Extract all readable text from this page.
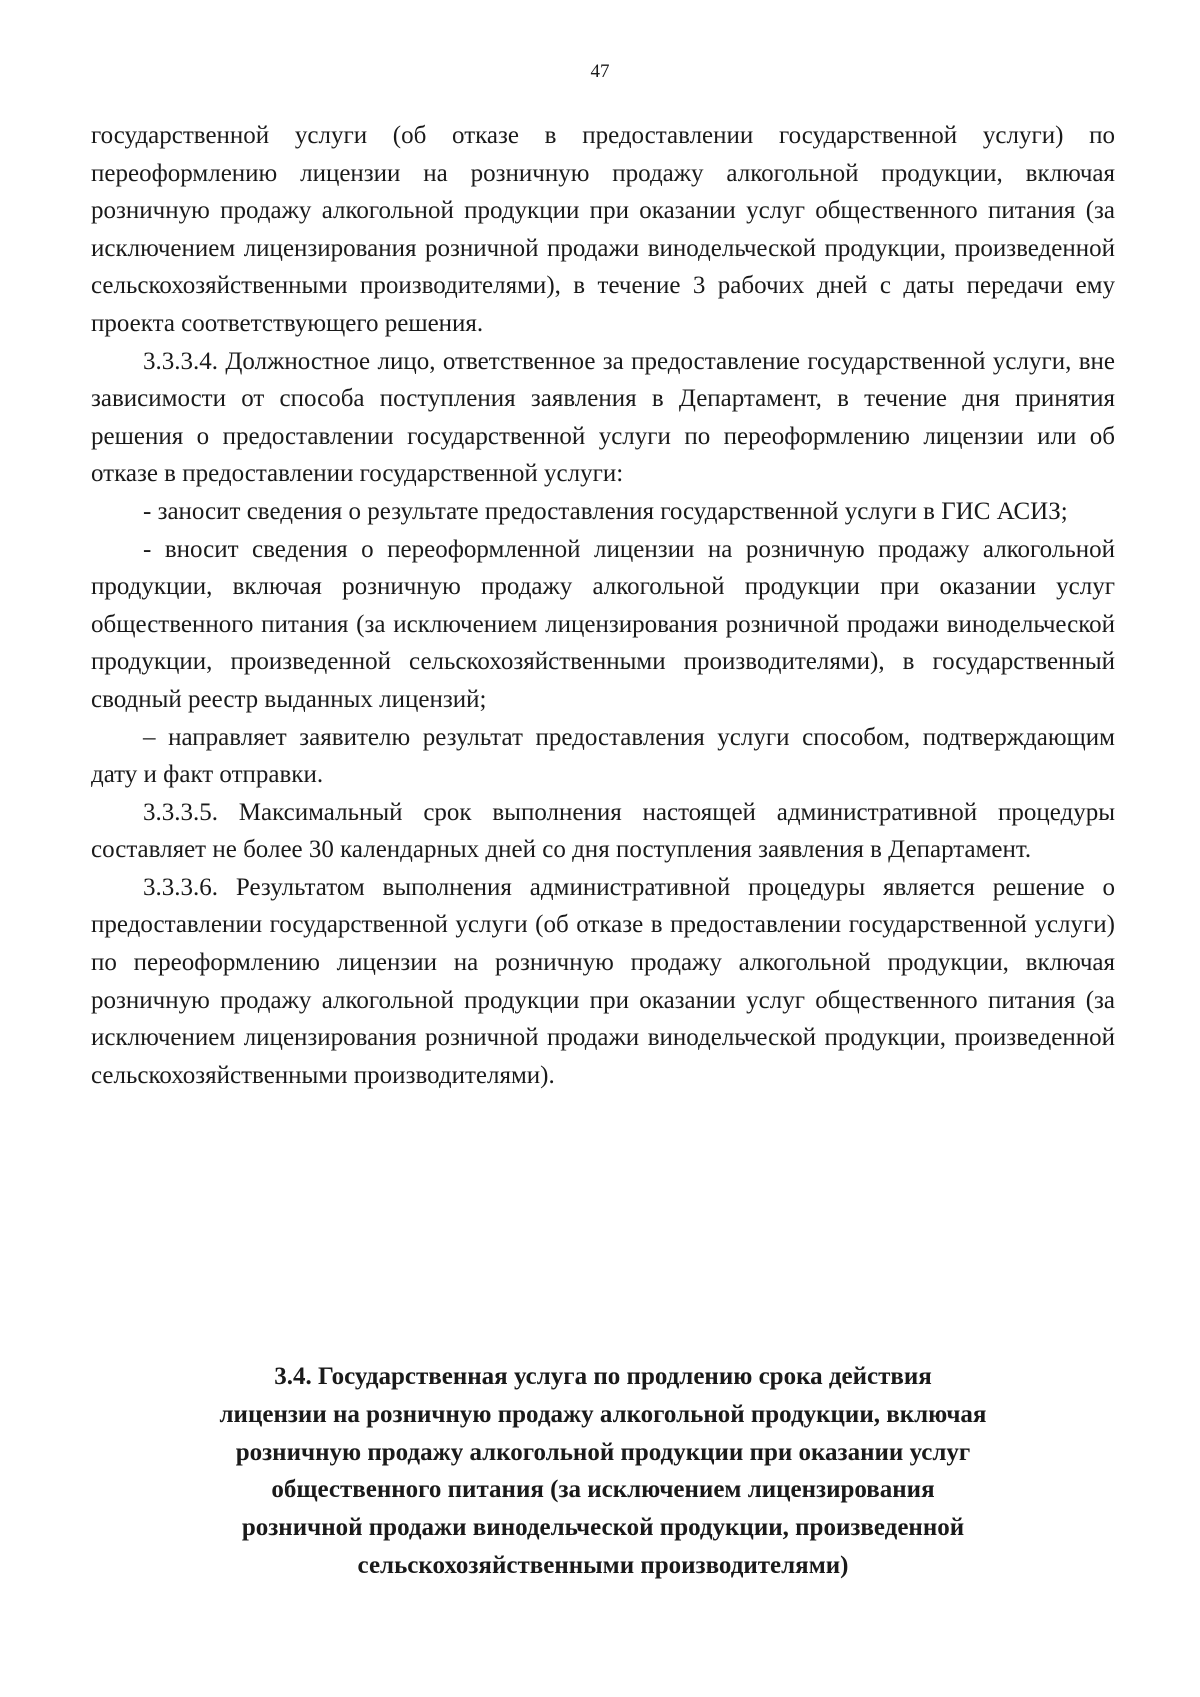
47

государственной услуги (об отказе в предоставлении государственной услуги) по переоформлению лицензии на розничную продажу алкогольной продукции, включая розничную продажу алкогольной продукции при оказании услуг общественного питания (за исключением лицензирования розничной продажи винодельческой продукции, произведенной сельскохозяйственными производителями), в течение 3 рабочих дней с даты передачи ему проекта соответствующего решения.

3.3.3.4. Должностное лицо, ответственное за предоставление государственной услуги, вне зависимости от способа поступления заявления в Департамент, в течение дня принятия решения о предоставлении государственной услуги по переоформлению лицензии или об отказе в предоставлении государственной услуги:

- заносит сведения о результате предоставления государственной услуги в ГИС АСИЗ;

- вносит сведения о переоформленной лицензии на розничную продажу алкогольной продукции, включая розничную продажу алкогольной продукции при оказании услуг общественного питания (за исключением лицензирования розничной продажи винодельческой продукции, произведенной сельскохозяйственными производителями), в государственный сводный реестр выданных лицензий;

– направляет заявителю результат предоставления услуги способом, подтверждающим дату и факт отправки.

3.3.3.5. Максимальный срок выполнения настоящей административной процедуры составляет не более 30 календарных дней со дня поступления заявления в Департамент.

3.3.3.6. Результатом выполнения административной процедуры является решение о предоставлении государственной услуги (об отказе в предоставлении государственной услуги) по переоформлению лицензии на розничную продажу алкогольной продукции, включая розничную продажу алкогольной продукции при оказании услуг общественного питания (за исключением лицензирования розничной продажи винодельческой продукции, произведенной сельскохозяйственными производителями).

3.4. Государственная услуга по продлению срока действия
лицензии на розничную продажу алкогольной продукции, включая
розничную продажу алкогольной продукции при оказании услуг
общественного питания (за исключением лицензирования
розничной продажи винодельческой продукции, произведенной
сельскохозяйственными производителями)
